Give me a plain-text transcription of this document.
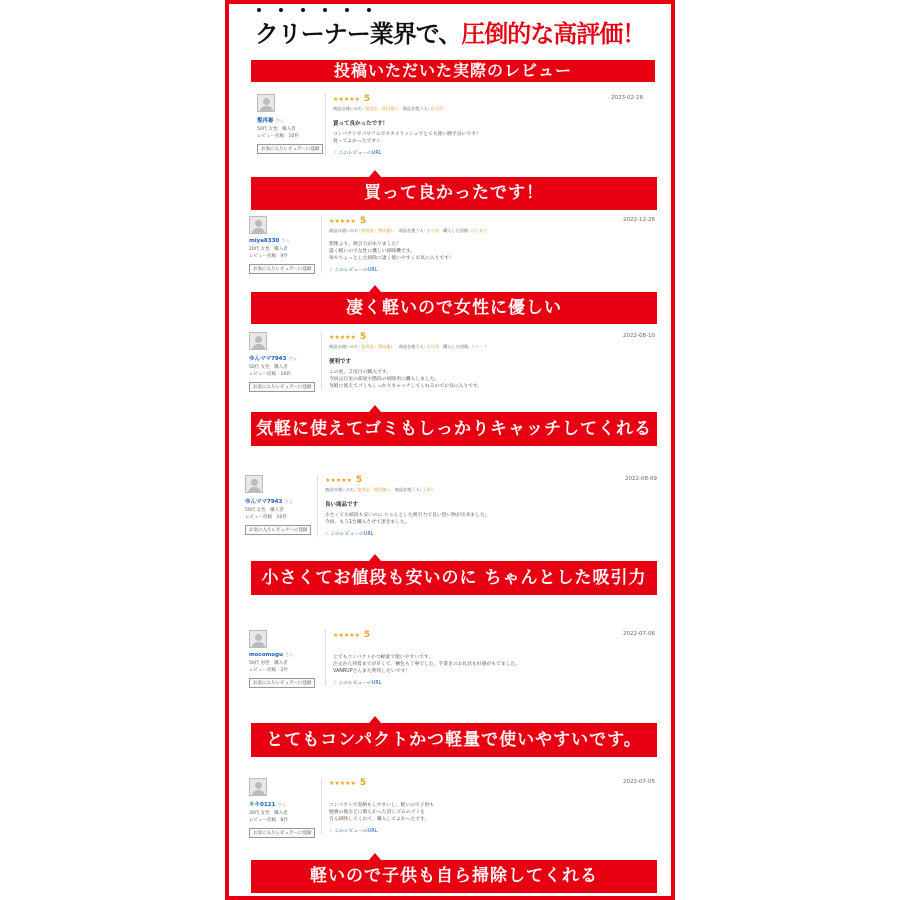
クリーナー業界で、圧倒的な高評価！
投稿いただいた実際のレビュー
髪再審 さん
50代 女性　購入者
レビュー投稿　10件
お気に入りレビュアーに登録
★★★★★ 5	2023-02-28
商品の使いみち: 実用品・普段使い 商品を使う人: 自分用
買って良かったです！
コンパクトでパワフルでスタイリッシュでとても使い勝手良いです！
買ってよかったです☆
ｆ このレビューのURL
買って良かったです！
miya8330 さん
20代 女性　購入者
レビュー投稿　9件
お気に入りレビュアーに登録
★★★★★ 5	2022-12-26
商品の使いみち: 実用品・普段使い 商品を使う人: 自分用 購入した回数: はじめて
想像より、吸引力がありました！
凄く軽いので女性に優しい掃除機です。
毎やちょっとした掃除に凄く使いやすくお気に入りです！
ｆ このレビューのURL
凄く軽いので女性に優しい
ゆんママ7943 さん
50代 女性　購入者
レビュー投稿　16件
お気に入りレビュアーに登録
★★★★★ 5	2022-08-10
商品の使いみち: 実用品・普段使い 商品を使う人: 自分用 購入した回数: リピート
便利です
この度、２度目の購入です。
今回は自室の部屋や階段の掃除用に購入しました。
気軽に使えてゴミもしっかりキャッチしてくれるのでお気に入りです。
気軽に使えてゴミもしっかりキャッチしてくれる
ゆんママ7943 さん
50代 女性　購入者
レビュー投稿　16件
お気に入りレビュアーに登録
★★★★★ 5	2022-08-09
商品の使いみち: 実用品・普段使い 商品を使う人: 子供へ
良い商品です
小さくてお値段も安いのに ちゃんとした吸引力で良い買い物が出来ました。
今回、もう1台購入させて頂きました。
ｆ このレビューのURL
小さくてお値段も安いのに ちゃんとした吸引力
mocomogu さん
50代 男性　購入者
レビュー投稿　2件
お気に入りレビュアーに登録
★★★★★ 5	2022-07-06

とてもコンパクトかつ軽量で使いやすいです。
注文から到着までが早くて、梱包も丁寧でした。手書きのお礼状も好感がもてました。
VANRUPさんまた利用したいです！
ｆ このレビューのURL
とてもコンパクトかつ軽量で使いやすいです。
キキ0121 さん
30代 女性　購入者
レビュー投稿　6件
お気に入りレビュアーに登録
★★★★★ 5	2022-07-05

コンパクトで収納もしやすいし、軽いので子供も
勉強の後などに散らかった消しゴムのゴミを
自ら掃除してくれて、購入してよかったです。
ｆ このレビューのURL
軽いので子供も自ら掃除してくれる
